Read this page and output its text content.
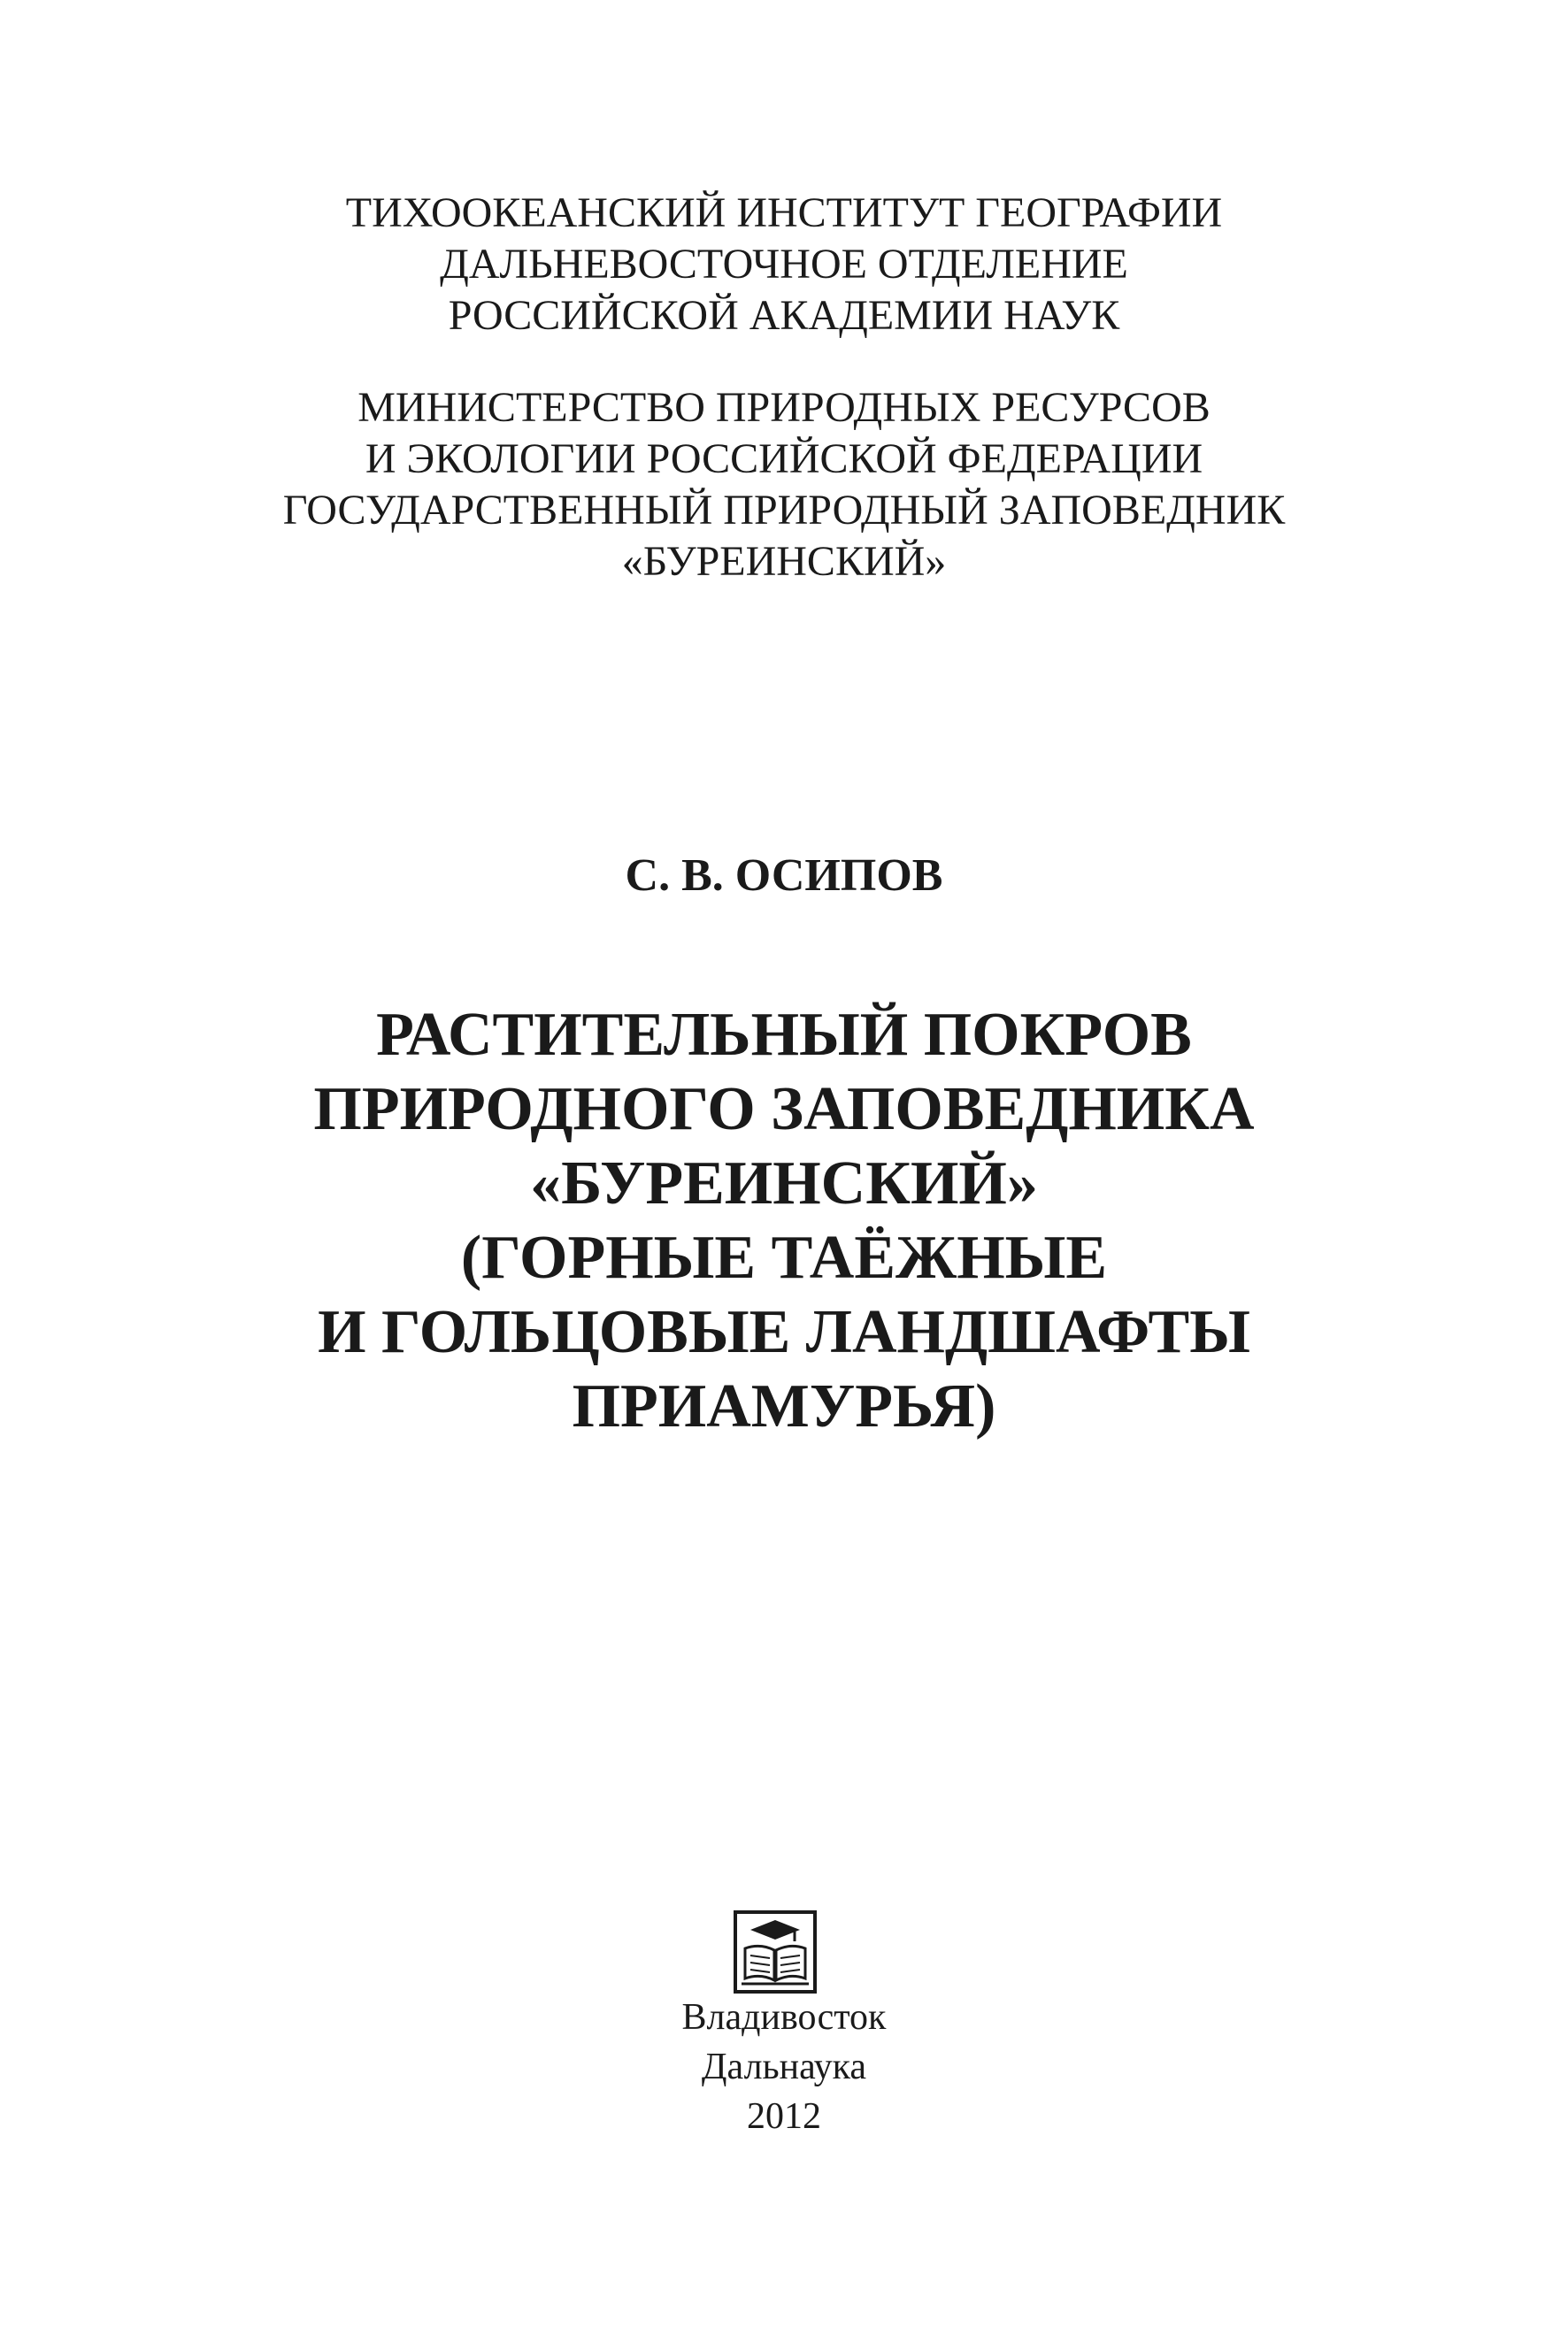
ТИХООКЕАНСКИЙ ИНСТИТУТ ГЕОГРАФИИ
ДАЛЬНЕВОСТОЧНОЕ ОТДЕЛЕНИЕ
РОССИЙСКОЙ АКАДЕМИИ НАУК
МИНИСТЕРСТВО ПРИРОДНЫХ РЕСУРСОВ
И ЭКОЛОГИИ РОССИЙСКОЙ ФЕДЕРАЦИИ
ГОСУДАРСТВЕННЫЙ ПРИРОДНЫЙ ЗАПОВЕДНИК
«БУРЕИНСКИЙ»
С. В. ОСИПОВ
РАСТИТЕЛЬНЫЙ ПОКРОВ
ПРИРОДНОГО ЗАПОВЕДНИКА
«БУРЕИНСКИЙ»
(ГОРНЫЕ ТАЁЖНЫЕ
И ГОЛЬЦОВЫЕ ЛАНДШАФТЫ
ПРИАМУРЬЯ)
Владивосток
Дальнаука
2012
